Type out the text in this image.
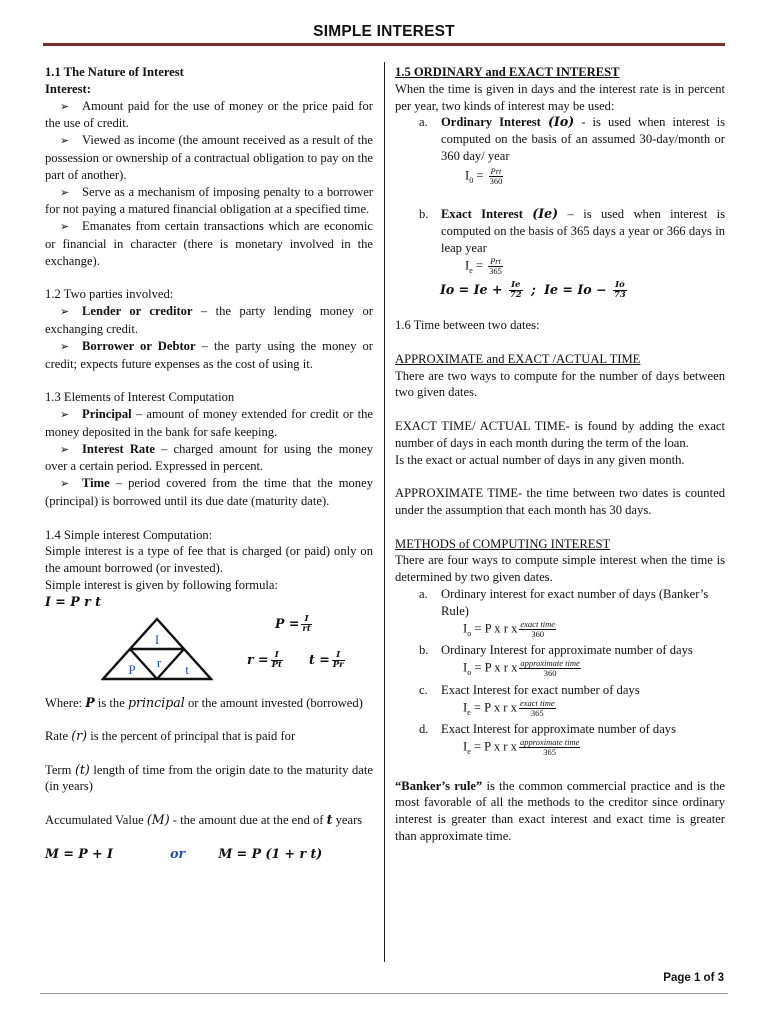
SIMPLE INTEREST

1.1 The Nature of Interest

Interest:

➢ Amount paid for the use of money or the price paid for the use of credit.

➢ Viewed as income (the amount received as a result of the possession or ownership of a contractual obligation to pay on the part of another).

➢ Serve as a mechanism of imposing penalty to a borrower for not paying a matured financial obligation at a specified time.

➢ Emanates from certain transactions which are economic or financial in character (there is monetary involved in the exchange).

1.2 Two parties involved:

➢ Lender or creditor – the party lending money or exchanging credit.

➢ Borrower or Debtor – the party using the money or credit; expects future expenses as the cost of using it.

1.3 Elements of Interest Computation

➢ Principal – amount of money extended for credit or the money deposited in the bank for safe keeping.

➢ Interest Rate – charged amount for using the money over a certain period. Expressed in percent.

➢ Time – period covered from the time that the money (principal) is borrowed until its due date (maturity date).

1.4 Simple interest Computation:

Simple interest is a type of fee that is charged (or paid) only on the amount borrowed (or invested).

Simple interest is given by following formula:

I = P r t

I
P r t
$P = \frac{I}{rt}$
$r = \frac{I}{Pt}$ $t = \frac{I}{Pr}$

Where: P is the principal or the amount invested (borrowed)

Rate (r) is the percent of principal that is paid for

Term (t) length of time from the origin date to the maturity date (in years)

Accumulated Value (M) - the amount due at the end of t years

M = P + I	or	M = P (1 + r t)

1.5 ORDINARY and EXACT INTEREST

When the time is given in days and the interest rate is in percent per year, two kinds of interest may be used:

a.	Ordinary Interest (Io) - is used when interest is computed on the basis of an assumed 30-day/month or 360 day/ year

$I_0 = \frac{\text{Prt}}{360}$

b. Exact Interest (Ie) – is used when interest is computed on the basis of 365 days a year or 366 days in leap year

$I_e = \frac{\text{Prt}}{365}$

$Io = Ie + \frac{Ie}{72}$ ; $Ie = Io - \frac{Io}{73}$

1.6 Time between two dates:

APPROXIMATE and EXACT /ACTUAL TIME

There are two ways to compute for the number of days between two given dates.

EXACT TIME/ ACTUAL TIME- is found by adding the exact number of days in each month during the term of the loan.

Is the exact or actual number of days in any given month.

APPROXIMATE TIME- the time between two dates is counted under the assumption that each month has 30 days.

METHODS of COMPUTING INTEREST

There are four ways to compute simple interest when the time is determined by two given dates.

a.	Ordinary interest for exact number of days (Banker’s Rule)

$I_o = P$ x r x $\frac{\text{exact time}}{360}$

b. Ordinary Interest for approximate number of days

$I_o = P$ x r x $\frac{\text{approximate time}}{360}$

c.	Exact Interest for exact number of days

$I_e = P$ x r x $\frac{\text{exact time}}{365}$

d. Exact Interest for approximate number of days

$I_e = P$ x r x $\frac{\text{approximate time}}{365}$

“Banker’s rule” is the common commercial practice and is the most favorable of all the methods to the creditor since ordinary interest is greater than exact interest and exact time is greater than approximate time.

Page 1 of 3
